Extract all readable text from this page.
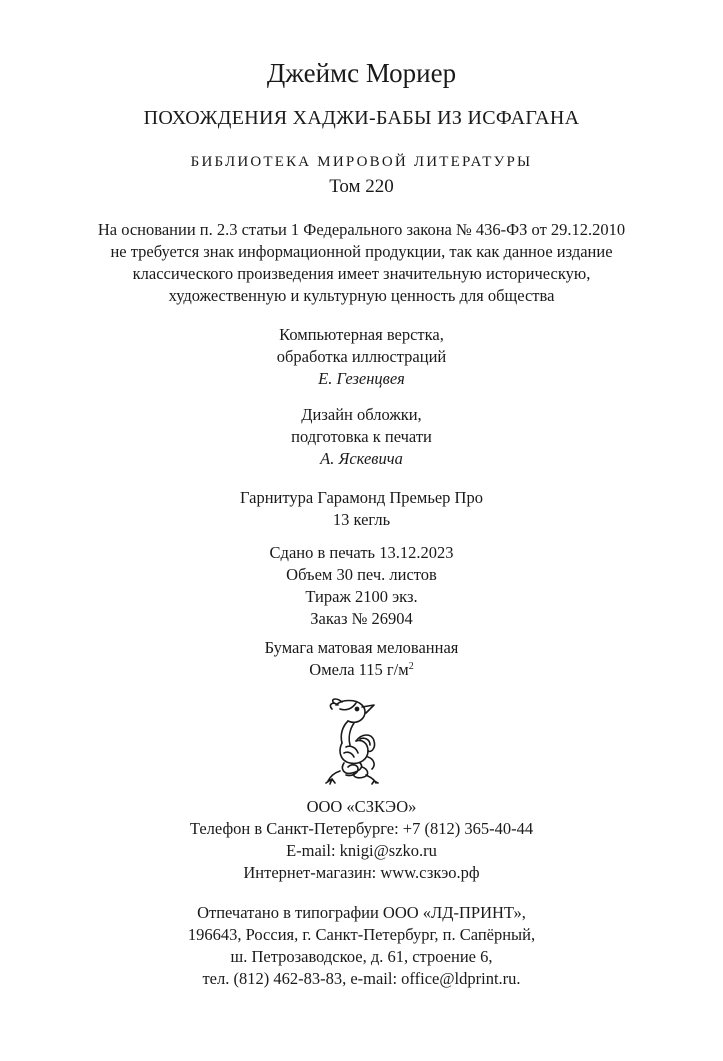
Джеймс Мориер
ПОХОЖДЕНИЯ ХАДЖИ-БАБЫ ИЗ ИСФАГАНА
БИБЛИОТЕКА МИРОВОЙ ЛИТЕРАТУРЫ
Том 220
На основании п. 2.3 статьи 1 Федерального закона № 436-ФЗ от 29.12.2010
не требуется знак информационной продукции, так как данное издание
классического произведения имеет значительную историческую,
художественную и культурную ценность для общества
Компьютерная верстка,
обработка иллюстраций
Е. Гезенцвея
Дизайн обложки,
подготовка к печати
А. Яскевича
Гарнитура Гарамонд Премьер Про
13 кегль
Сдано в печать 13.12.2023
Объем 30 печ. листов
Тираж 2100 экз.
Заказ № 26904
Бумага матовая мелованная
Омела 115 $г/м^2$
ООО «СЗКЭО»
Телефон в Санкт-Петербурге: +7 (812) 365-40-44
E-mail: knigi@szko.ru
Интернет-магазин: www.сзкэо.рф
Отпечатано в типографии ООО «ЛД-ПРИНТ»,
196643, Россия, г. Санкт-Петербург, п. Сапёрный,
ш. Петрозаводское, д. 61, строение 6,
тел. (812) 462-83-83, e-mail: office@ldprint.ru.
